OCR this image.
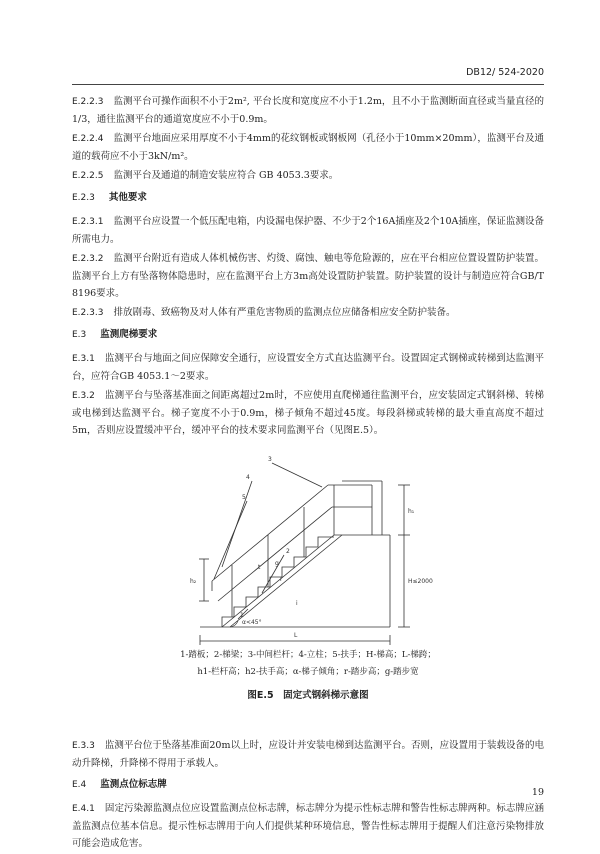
DB12/ 524-2020

E.2.2.3 监测平台可操作面积不小于2m², 平台长度和宽度应不小于1.2m，且不小于监测断面直径或当量直径的1/3，通往监测平台的通道宽度应不小于0.9m。

E.2.2.4 监测平台地面应采用厚度不小于4mm的花纹钢板或钢板网（孔径小于10mm×20mm），监测平台及通道的载荷应不小于3kN/m²。

E.2.2.5 监测平台及通道的制造安装应符合 GB 4053.3要求。

E.2.3 其他要求

E.2.3.1 监测平台应设置一个低压配电箱，内设漏电保护器、不少于2个16A插座及2个10A插座，保证监测设备所需电力。

E.2.3.2 监测平台附近有造成人体机械伤害、灼烫、腐蚀、触电等危险源的，应在平台相应位置设置防护装置。监测平台上方有坠落物体隐患时，应在监测平台上方3m高处设置防护装置。防护装置的设计与制造应符合GB/T 8196要求。

E.2.3.3 排放剧毒、致癌物及对人体有严重危害物质的监测点位应储备相应安全防护装备。

E.3 监测爬梯要求

E.3.1 监测平台与地面之间应保障安全通行，应设置安全方式直达监测平台。设置固定式钢梯或转梯到达监测平台，应符合GB 4053.1～2要求。

E.3.2 监测平台与坠落基准面之间距离超过2m时，不应使用直爬梯通往监测平台，应安装固定式钢斜梯、转梯或电梯到达监测平台。梯子宽度不小于0.9m，梯子倾角不超过45度。每段斜梯或转梯的最大垂直高度不超过5m，否则应设置缓冲平台，缓冲平台的技术要求同监测平台（见图E.5）。

3
4
5
2
1
h₁
h₂	H≤2000
L
t
g
r
i
α<45°
1-踏板；2-梯梁；3-中间栏杆；4-立柱；5-扶手；H-梯高；L-梯跨；
h1-栏杆高；h2-扶手高；α-梯子倾角；r-踏步高；g-踏步宽
图E.5　固定式钢斜梯示意图

E.3.3 监测平台位于坠落基准面20m以上时，应设计并安装电梯到达监测平台。否则，应设置用于装载设备的电动升降梯，升降梯不得用于承载人。

E.4 监测点位标志牌

E.4.1 固定污染源监测点位应设置监测点位标志牌，标志牌分为提示性标志牌和警告性标志牌两种。标志牌应涵盖监测点位基本信息。提示性标志牌用于向人们提供某种环境信息，警告性标志牌用于提醒人们注意污染物排放可能会造成危害。

19
